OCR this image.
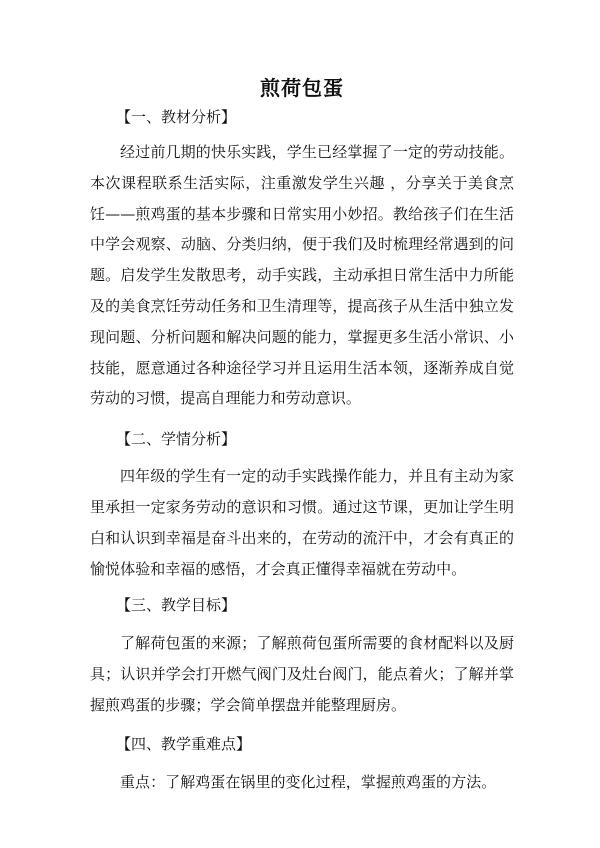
煎荷包蛋

【一、教材分析】

经过前几期的快乐实践，学生已经掌握了一定的劳动技能。本次课程联系生活实际，注重激发学生兴趣 ，分享关于美食烹饪——煎鸡蛋的基本步骤和日常实用小妙招。教给孩子们在生活中学会观察、动脑、分类归纳，便于我们及时梳理经常遇到的问题。启发学生发散思考，动手实践，主动承担日常生活中力所能及的美食烹饪劳动任务和卫生清理等，提高孩子从生活中独立发现问题、分析问题和解决问题的能力，掌握更多生活小常识、小技能，愿意通过各种途径学习并且运用生活本领，逐渐养成自觉劳动的习惯，提高自理能力和劳动意识。

【二、学情分析】

四年级的学生有一定的动手实践操作能力，并且有主动为家里承担一定家务劳动的意识和习惯。通过这节课，更加让学生明白和认识到幸福是奋斗出来的，在劳动的流汗中，才会有真正的愉悦体验和幸福的感悟，才会真正懂得幸福就在劳动中。

【三、教学目标】

了解荷包蛋的来源；了解煎荷包蛋所需要的食材配料以及厨具；认识并学会打开燃气阀门及灶台阀门，能点着火；了解并掌握煎鸡蛋的步骤；学会简单摆盘并能整理厨房。

【四、教学重难点】

重点：了解鸡蛋在锅里的变化过程，掌握煎鸡蛋的方法。
